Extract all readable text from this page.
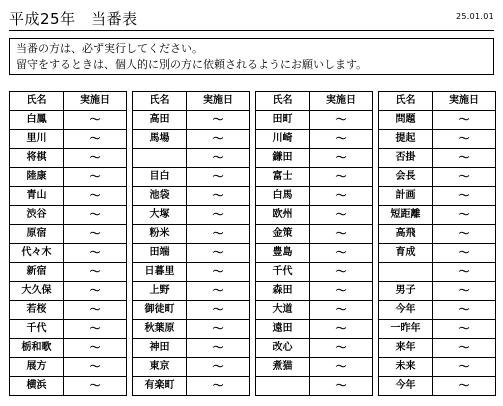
平成25年　当番表	25.01.01
当番の方は、必ず実行してください。
留守をするときは、個人的に別の方に依頼されるようにお願いします。
氏名	実施日
白鳳	～
里川	～
将棋	～
陸康	～
青山	～
渋谷	～
原宿	～
代々木	～
新宿	～
大久保	～
若桜	～
千代	～
栃和歌	～
展方	～
横浜	～
氏名	実施日
高田	～
馬場	～
	～
目白	～
池袋	～
大塚	～
粉米	～
田端	～
日暮里	～
上野	～
御徒町	～
秋葉原	～
神田	～
東京	～
有楽町	～
氏名	実施日
田町	～
川崎	～
鎌田	～
富士	～
白馬	～
欧州	～
金策	～
豊島	～
千代	～
森田	～
大道	～
遠田	～
改心	～
煮猫	～
	～
氏名	実施日
問題	～
提起	～
否掛	～
会長	～
計画	～
短距離	～
高飛	～
育成	～
	～
男子	～
今年	～
一昨年	～
来年	～
未来	～
今年	～
